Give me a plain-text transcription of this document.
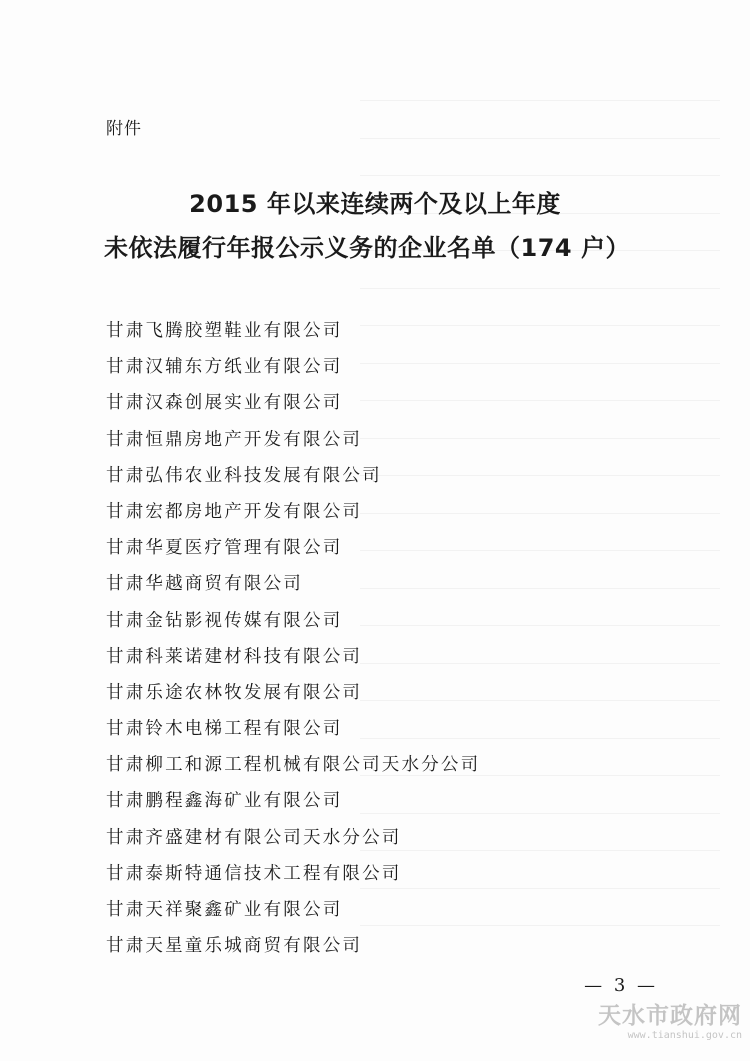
附件
2015 年以来连续两个及以上年度
未依法履行年报公示义务的企业名单（174 户）
甘肃飞腾胶塑鞋业有限公司
甘肃汉辅东方纸业有限公司
甘肃汉森创展实业有限公司
甘肃恒鼎房地产开发有限公司
甘肃弘伟农业科技发展有限公司
甘肃宏都房地产开发有限公司
甘肃华夏医疗管理有限公司
甘肃华越商贸有限公司
甘肃金钻影视传媒有限公司
甘肃科莱诺建材科技有限公司
甘肃乐途农林牧发展有限公司
甘肃铃木电梯工程有限公司
甘肃柳工和源工程机械有限公司天水分公司
甘肃鹏程鑫海矿业有限公司
甘肃齐盛建材有限公司天水分公司
甘肃泰斯特通信技术工程有限公司
甘肃天祥聚鑫矿业有限公司
甘肃天星童乐城商贸有限公司
— 3 —
天水市政府网
www.tianshui.gov.cn
